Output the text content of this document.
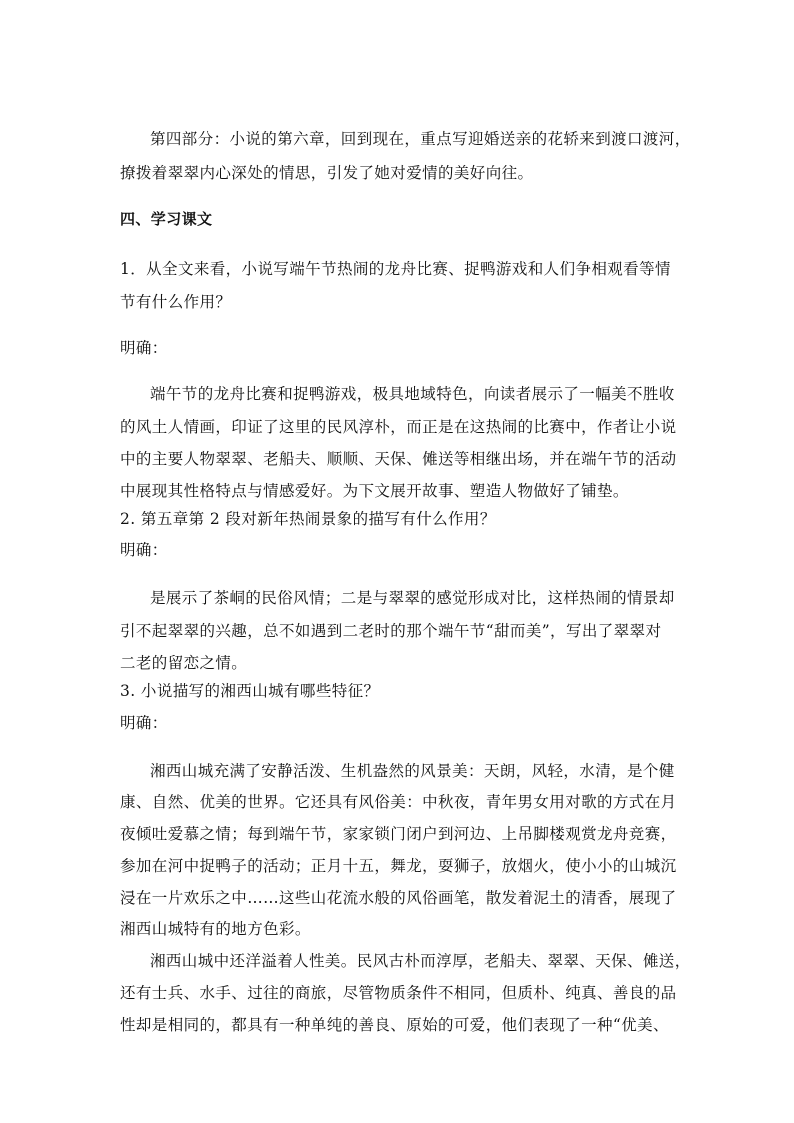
第四部分：小说的第六章，回到现在，重点写迎婚送亲的花轿来到渡口渡河，
撩拨着翠翠内心深处的情思，引发了她对爱情的美好向往。
四、学习课文
1．从全文来看，小说写端午节热闹的龙舟比赛、捉鸭游戏和人们争相观看等情
节有什么作用？
明确：
端午节的龙舟比赛和捉鸭游戏，极具地域特色，向读者展示了一幅美不胜收
的风土人情画，印证了这里的民风淳朴，而正是在这热闹的比赛中，作者让小说
中的主要人物翠翠、老船夫、顺顺、天保、傩送等相继出场，并在端午节的活动
中展现其性格特点与情感爱好。为下文展开故事、塑造人物做好了铺垫。
2. 第五章第 2 段对新年热闹景象的描写有什么作用？
明确：
是展示了茶峒的民俗风情；二是与翠翠的感觉形成对比，这样热闹的情景却
引不起翠翠的兴趣，总不如遇到二老时的那个端午节“甜而美”，写出了翠翠对
二老的留恋之情。
3. 小说描写的湘西山城有哪些特征？
明确：
湘西山城充满了安静活泼、生机盎然的风景美：天朗，风轻，水清，是个健
康、自然、优美的世界。它还具有风俗美：中秋夜，青年男女用对歌的方式在月
夜倾吐爱慕之情；每到端午节，家家锁门闭户到河边、上吊脚楼观赏龙舟竞赛，
参加在河中捉鸭子的活动；正月十五，舞龙，耍狮子，放烟火，使小小的山城沉
浸在一片欢乐之中……这些山花流水般的风俗画笔，散发着泥土的清香，展现了
湘西山城特有的地方色彩。
湘西山城中还洋溢着人性美。民风古朴而淳厚，老船夫、翠翠、天保、傩送，
还有士兵、水手、过往的商旅，尽管物质条件不相同，但质朴、纯真、善良的品
性却是相同的，都具有一种单纯的善良、原始的可爱，他们表现了一种“优美、
